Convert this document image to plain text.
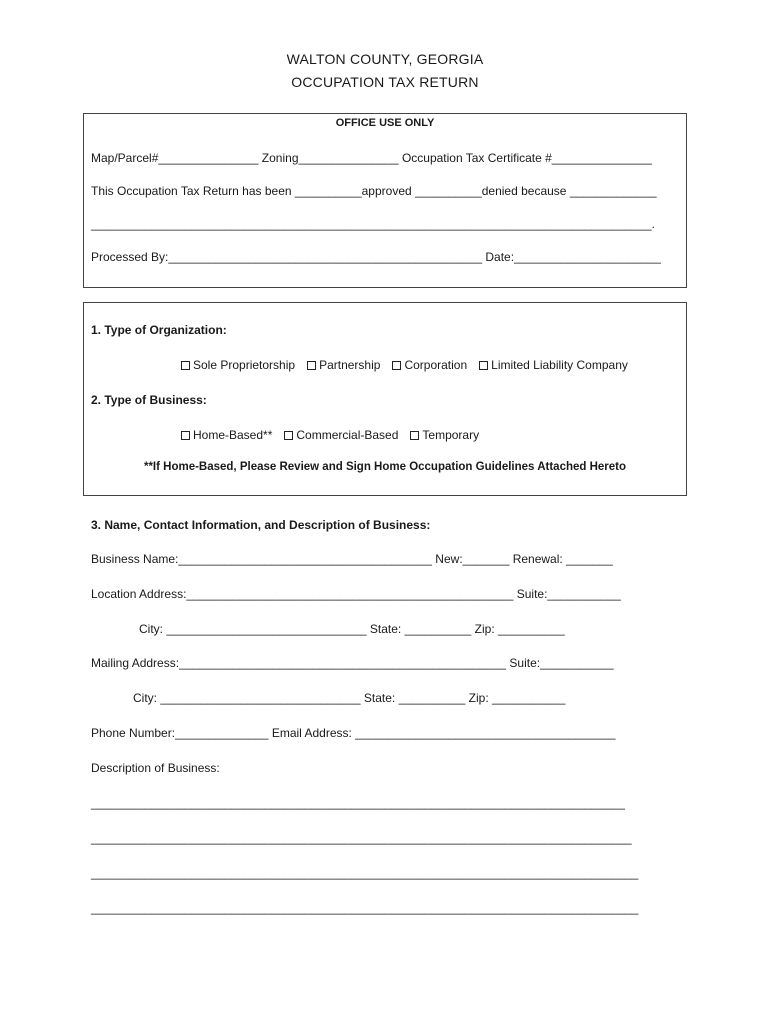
WALTON COUNTY, GEORGIA
OCCUPATION TAX RETURN
OFFICE USE ONLY
Map/Parcel#_______________ Zoning_______________ Occupation Tax Certificate #_______________
This Occupation Tax Return has been __________approved __________denied because _____________
____________________________________________________________________________________.
Processed By:_______________________________________________ Date:______________________
1. Type of Organization:
Sole Proprietorship Partnership Corporation Limited Liability Company
2. Type of Business:
Home-Based** Commercial-Based Temporary
**If Home-Based, Please Review and Sign Home Occupation Guidelines Attached Hereto
3. Name, Contact Information, and Description of Business:
Business Name:______________________________________ New:_______ Renewal: _______
Location Address:_________________________________________________ Suite:___________
City: ______________________________ State: __________ Zip: __________
Mailing Address:_________________________________________________ Suite:___________
City: ______________________________ State: __________ Zip: ___________
Phone Number:______________ Email Address: _______________________________________
Description of Business:
________________________________________________________________________________
_________________________________________________________________________________
__________________________________________________________________________________
__________________________________________________________________________________
